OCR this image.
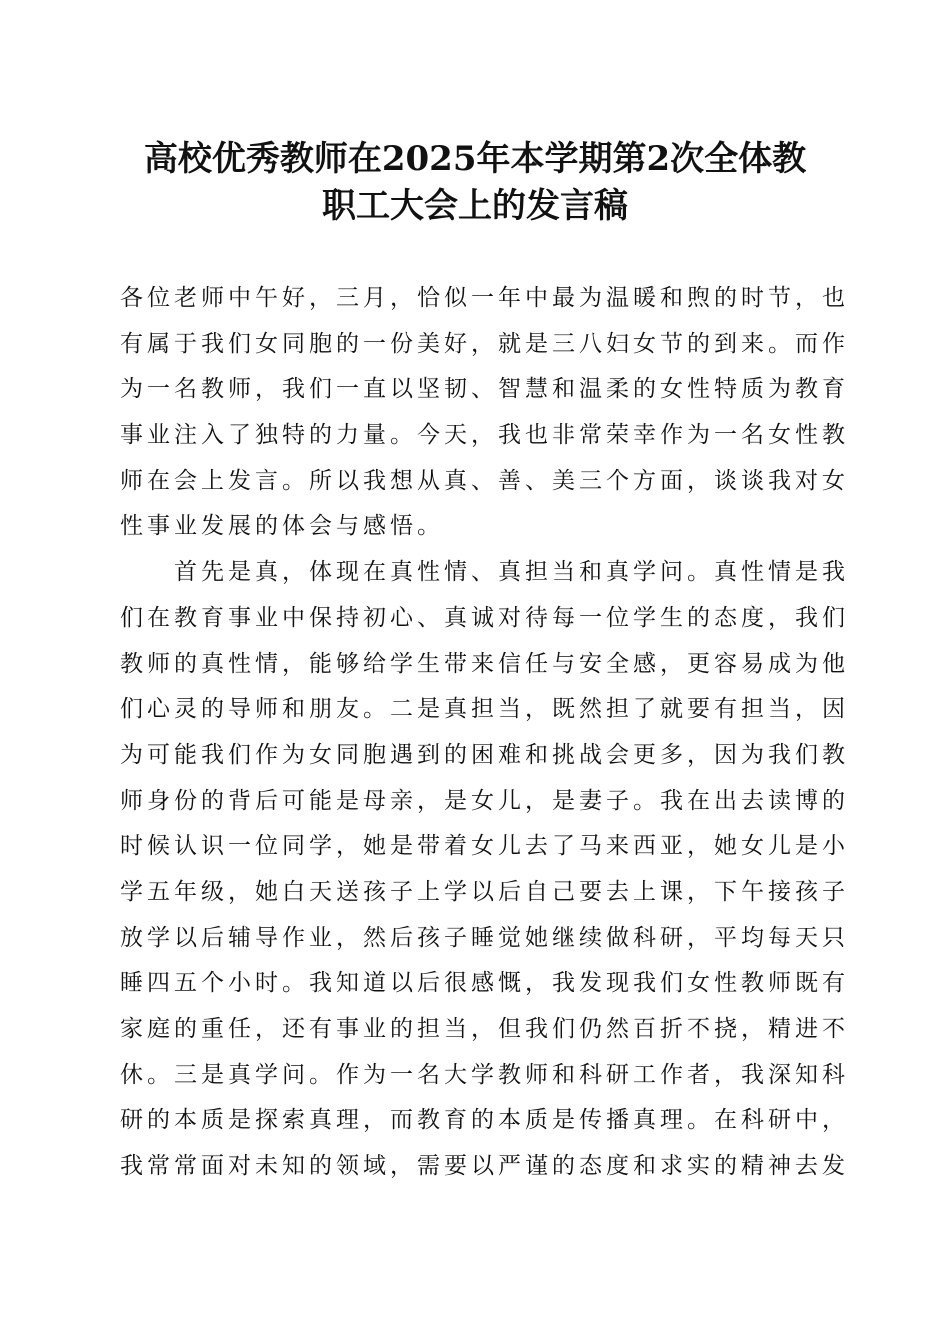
高校优秀教师在2025年本学期第2次全体教
职工大会上的发言稿
各位老师中午好，三月，恰似一年中最为温暖和煦的时节，也
有属于我们女同胞的一份美好，就是三八妇女节的到来。而作
为一名教师，我们一直以坚韧、智慧和温柔的女性特质为教育
事业注入了独特的力量。今天，我也非常荣幸作为一名女性教
师在会上发言。所以我想从真、善、美三个方面，谈谈我对女
性事业发展的体会与感悟。
首先是真，体现在真性情、真担当和真学问。真性情是我
们在教育事业中保持初心、真诚对待每一位学生的态度，我们
教师的真性情，能够给学生带来信任与安全感，更容易成为他
们心灵的导师和朋友。二是真担当，既然担了就要有担当，因
为可能我们作为女同胞遇到的困难和挑战会更多，因为我们教
师身份的背后可能是母亲，是女儿，是妻子。我在出去读博的
时候认识一位同学，她是带着女儿去了马来西亚，她女儿是小
学五年级，她白天送孩子上学以后自己要去上课，下午接孩子
放学以后辅导作业，然后孩子睡觉她继续做科研，平均每天只
睡四五个小时。我知道以后很感慨，我发现我们女性教师既有
家庭的重任，还有事业的担当，但我们仍然百折不挠，精进不
休。三是真学问。作为一名大学教师和科研工作者，我深知科
研的本质是探索真理，而教育的本质是传播真理。在科研中，
我常常面对未知的领域，需要以严谨的态度和求实的精神去发
